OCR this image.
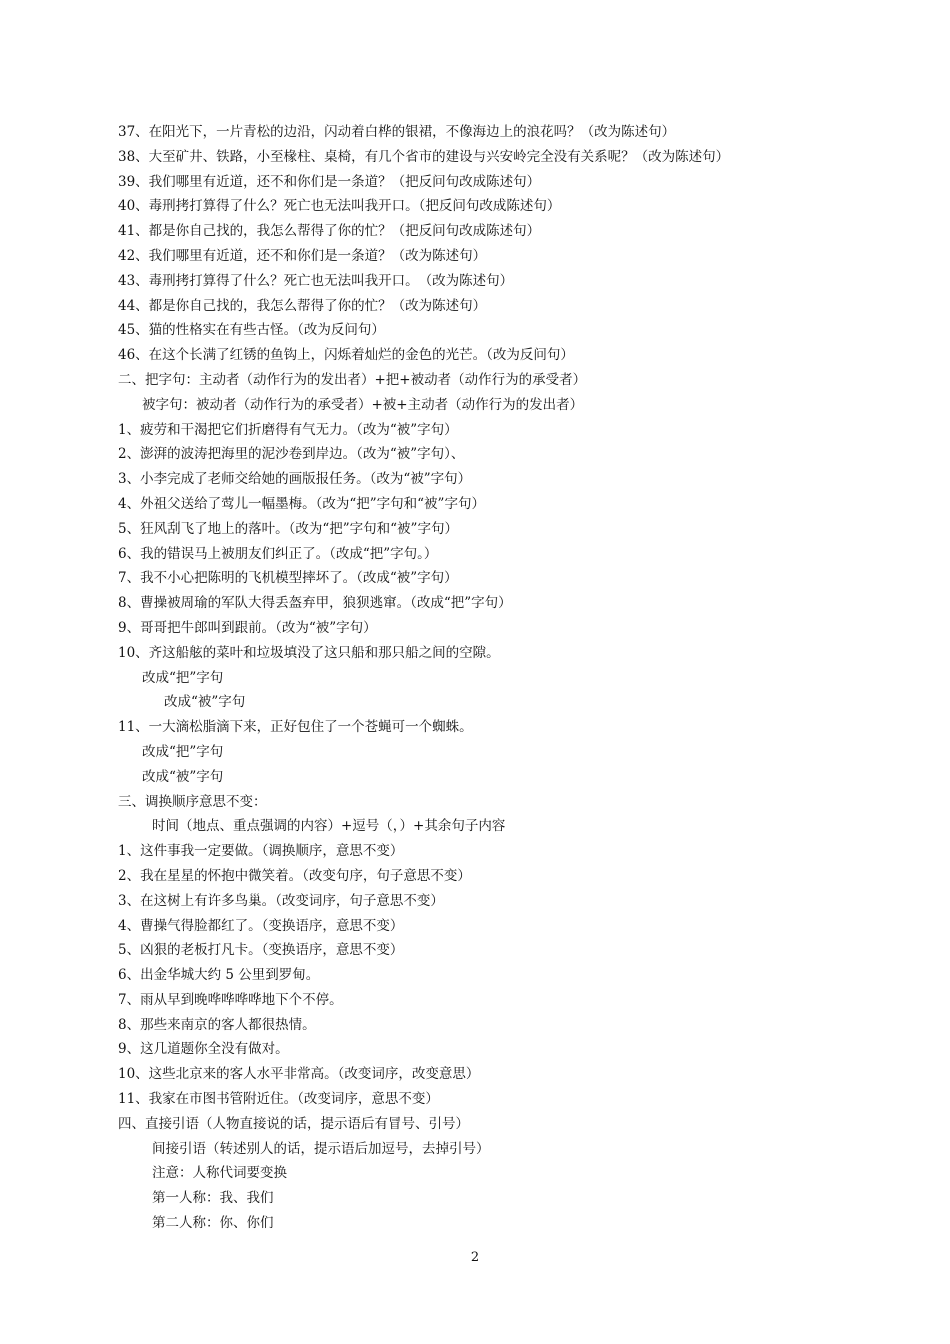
37、在阳光下，一片青松的边沿，闪动着白桦的银裙，不像海边上的浪花吗？（改为陈述句）
38、大至矿井、铁路，小至椽柱、桌椅，有几个省市的建设与兴安岭完全没有关系呢？（改为陈述句）
39、我们哪里有近道，还不和你们是一条道？（把反问句改成陈述句）
40、毒刑拷打算得了什么？死亡也无法叫我开口。（把反问句改成陈述句）
41、都是你自己找的，我怎么帮得了你的忙？（把反问句改成陈述句）
42、我们哪里有近道，还不和你们是一条道？（改为陈述句）
43、毒刑拷打算得了什么？死亡也无法叫我开口。　（改为陈述句）
44、都是你自己找的，我怎么帮得了你的忙？（改为陈述句）
45、猫的性格实在有些古怪。（改为反问句）
46、在这个长满了红锈的鱼钩上，闪烁着灿烂的金色的光芒。（改为反问句）
二、把字句：主动者（动作行为的发出者）+把+被动者（动作行为的承受者）
被字句：被动者（动作行为的承受者）+被+主动者（动作行为的发出者）
1、疲劳和干渴把它们折磨得有气无力。（改为“被”字句）
2、澎湃的波涛把海里的泥沙卷到岸边。（改为“被”字句）、
3、小李完成了老师交给她的画版报任务。（改为“被”字句）
4、外祖父送给了莺儿一幅墨梅。（改为“把”字句和“被”字句）
5、狂风刮飞了地上的落叶。（改为“把”字句和“被”字句）
6、我的错误马上被朋友们纠正了。（改成“把”字句。）
7、我不小心把陈明的飞机模型摔坏了。（改成“被”字句）
8、曹操被周瑜的军队大得丢盔弃甲，狼狈逃窜。（改成“把”字句）
9、哥哥把牛郎叫到跟前。（改为“被”字句）
10、齐这船舷的菜叶和垃圾填没了这只船和那只船之间的空隙。
改成“把”字句
改成“被”字句
11、一大滴松脂滴下来，正好包住了一个苍蝇可一个蜘蛛。
改成“把”字句
改成“被”字句
三、调换顺序意思不变：
时间（地点、重点强调的内容）+逗号（，）+其余句子内容
1、这件事我一定要做。（调换顺序，意思不变）
2、我在星星的怀抱中微笑着。（改变句序，句子意思不变）
3、在这树上有许多鸟巢。（改变词序，句子意思不变）
4、曹操气得脸都红了。（变换语序，意思不变）
5、凶狠的老板打凡卡。（变换语序，意思不变）
6、出金华城大约 5 公里到罗甸。
7、雨从早到晚哗哗哗哗地下个不停。
8、那些来南京的客人都很热情。
9、这几道题你全没有做对。
10、这些北京来的客人水平非常高。（改变词序，改变意思）
11、我家在市图书管附近住。（改变词序，意思不变）
四、直接引语（人物直接说的话，提示语后有冒号、引号）
间接引语（转述别人的话，提示语后加逗号，去掉引号）
注意：人称代词要变换
第一人称：我、我们
第二人称：你、你们
2
